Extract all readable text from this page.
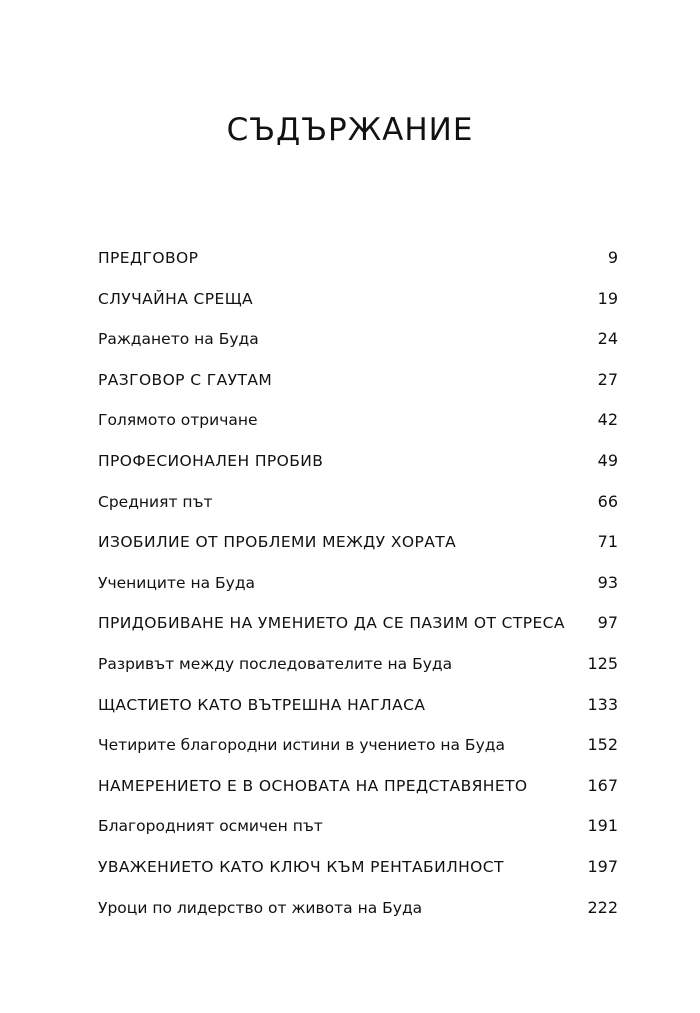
СЪДЪРЖАНИЕ
ПРЕДГОВОР	9
СЛУЧАЙНА СРЕЩА	19
Раждането на Буда	24
РАЗГОВОР С ГАУТАМ	27
Голямото отричане	42
ПРОФЕСИОНАЛЕН ПРОБИВ	49
Средният път	66
ИЗОБИЛИЕ ОТ ПРОБЛЕМИ МЕЖДУ ХОРАТА	71
Учениците на Буда	93
ПРИДОБИВАНЕ НА УМЕНИЕТО ДА СЕ ПАЗИМ ОТ СТРЕСА 97
Разривът между последователите на Буда	125
ЩАСТИЕТО КАТО ВЪТРЕШНА НАГЛАСА	133
Четирите благородни истини в учението на Буда	152
НАМЕРЕНИЕТО Е В ОСНОВАТА НА ПРЕДСТАВЯНЕТО	167
Благородният осмичен път	191
УВАЖЕНИЕТО КАТО КЛЮЧ КЪМ РЕНТАБИЛНОСТ	197
Уроци по лидерство от живота на Буда	222
